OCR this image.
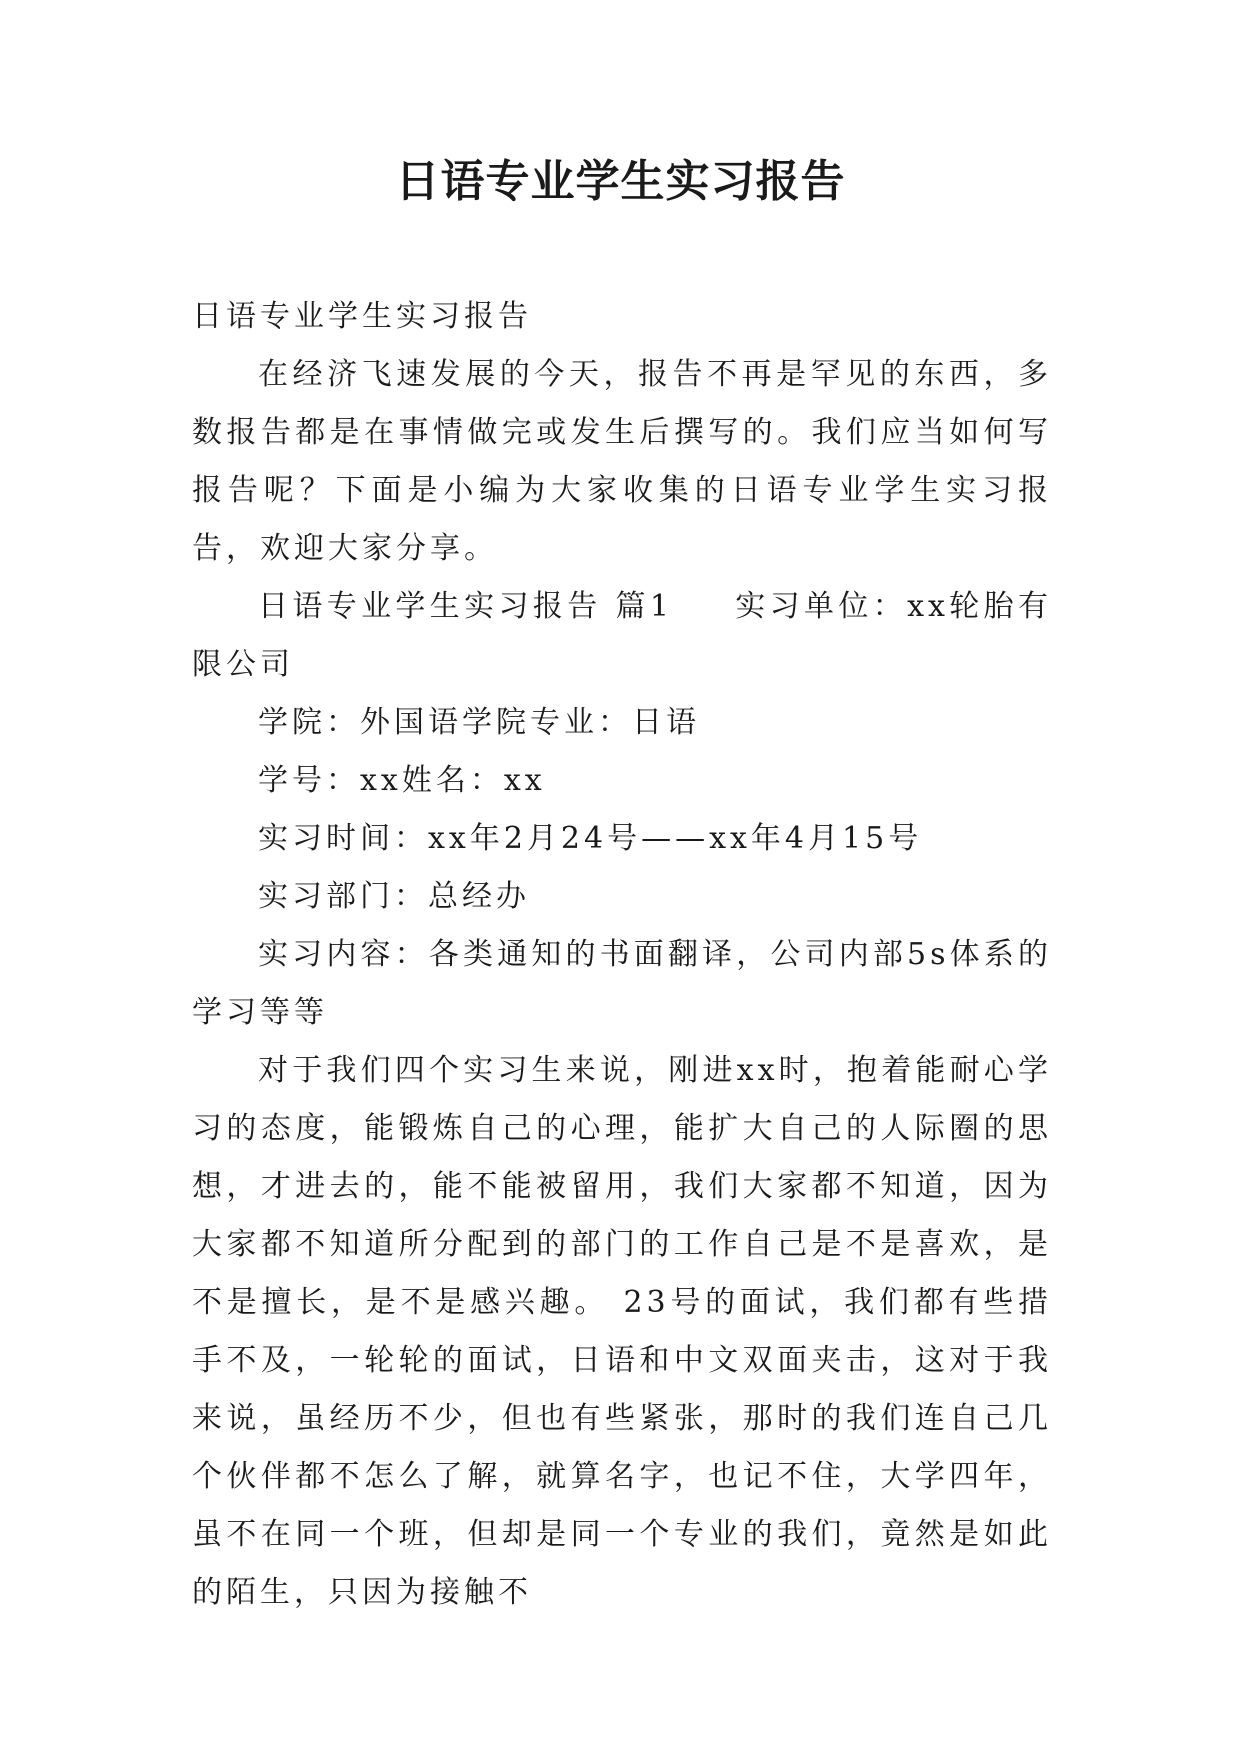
日语专业学生实习报告

日语专业学生实习报告

在经济飞速发展的今天，报告不再是罕见的东西，多数报告都是在事情做完或发生后撰写的。我们应当如何写报告呢？下面是小编为大家收集的日语专业学生实习报告，欢迎大家分享。

日语专业学生实习报告 篇1 实习单位：xx轮胎有限公司

学院：外国语学院专业：日语

学号：xx姓名：xx

实习时间：xx年2月24号——xx年4月15号

实习部门：总经办

实习内容：各类通知的书面翻译，公司内部5s体系的学习等等

对于我们四个实习生来说，刚进xx时，抱着能耐心学习的态度，能锻炼自己的心理，能扩大自己的人际圈的思想，才进去的，能不能被留用，我们大家都不知道，因为大家都不知道所分配到的部门的工作自己是不是喜欢，是不是擅长，是不是感兴趣。 23号的面试，我们都有些措手不及，一轮轮的面试，日语和中文双面夹击，这对于我来说，虽经历不少，但也有些紧张，那时的我们连自己几个伙伴都不怎么了解，就算名字，也记不住，大学四年，虽不在同一个班，但却是同一个专业的我们，竟然是如此的陌生，只因为接触不
